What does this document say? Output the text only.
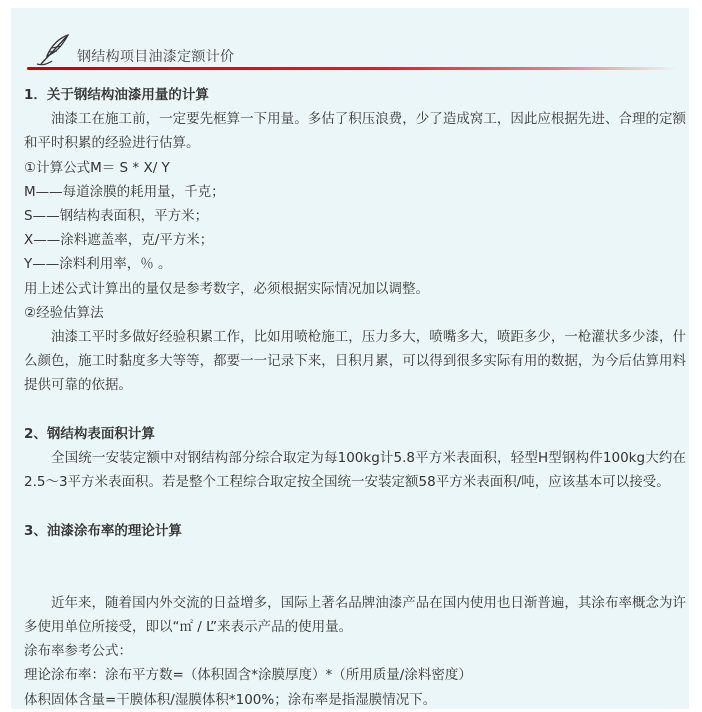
钢结构项目油漆定额计价

1．关于钢结构油漆用量的计算

油漆工在施工前，一定要先框算一下用量。多估了积压浪费，少了造成窝工，因此应根据先进、合理的定额和平时积累的经验进行估算。

①计算公式M＝ S * X/ Y

M——每道涂膜的耗用量，千克；

S——钢结构表面积，平方米；

X——涂料遮盖率，克/平方米；

Y——涂料利用率，％ 。

用上述公式计算出的量仅是参考数字，必须根据实际情况加以调整。

②经验估算法

油漆工平时多做好经验积累工作，比如用喷枪施工，压力多大，喷嘴多大，喷距多少，一枪灌状多少漆，什么颜色，施工时黏度多大等等，都要一一记录下来，日积月累，可以得到很多实际有用的数据，为今后估算用料提供可靠的依据。

2、钢结构表面积计算

全国统一安装定额中对钢结构部分综合取定为每100kg计5.8平方米表面积，轻型H型钢构件100kg大约在2.5～3平方米表面积。若是整个工程综合取定按全国统一安装定额58平方米表面积/吨，应该基本可以接受。

3、油漆涂布率的理论计算

近年来，随着国内外交流的日益增多，国际上著名品牌油漆产品在国内使用也日渐普遍，其涂布率概念为许多使用单位所接受，即以“㎡ / L”来表示产品的使用量。

涂布率参考公式：

理论涂布率：涂布平方数=（体积固含*涂膜厚度）*（所用质量/涂料密度）

体积固体含量=干膜体积/湿膜体积*100%；涂布率是指湿膜情况下。
